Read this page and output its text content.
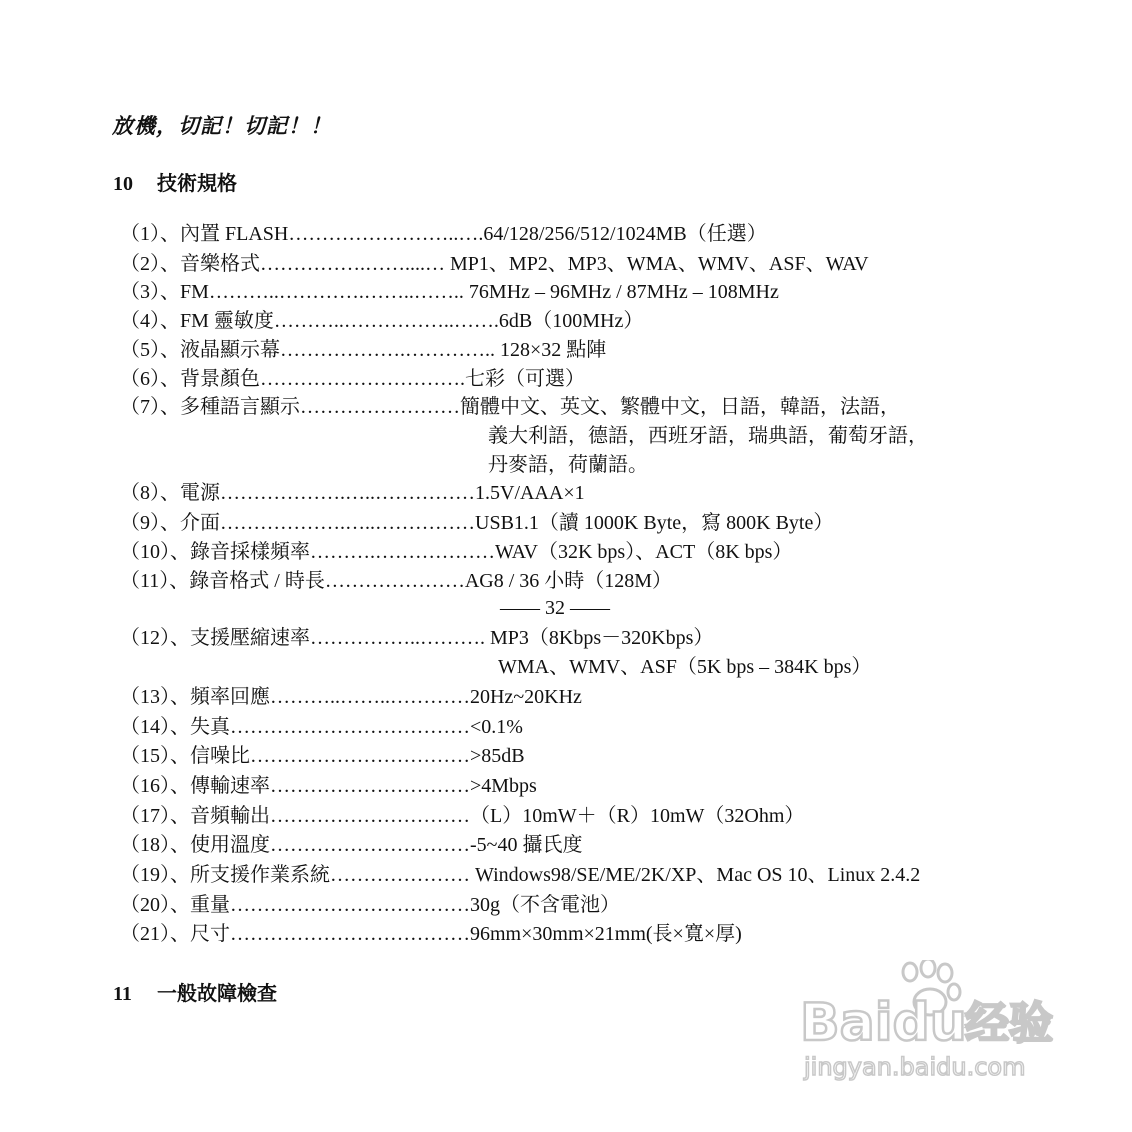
放機，切記！切記！！
10 技術規格
（1）、內置 FLASH……………………..….64/128/256/512/1024MB（任選）
（2）、音樂格式…………….……....… MP1、MP2、MP3、WMA、WMV、ASF、WAV
（3）、FM………..………….……..…….. 76MHz – 96MHz / 87MHz – 108MHz
（4）、FM 靈敏度………..……………..…….6dB（100MHz）
（5）、液晶顯示幕……………….………….. 128×32 點陣
（6）、背景顏色………………………….七彩（可選）
（7）、多種語言顯示……………………簡體中文、英文、繁體中文，日語，韓語，法語，
義大利語，德語，西班牙語，瑞典語，葡萄牙語，
丹麥語，荷蘭語。
（8）、電源……………….…..……………1.5V/AAA×1
（9）、介面……………….…..……………USB1.1（讀 1000K Byte，寫 800K Byte）
（10）、錄音採樣頻率……….………………WAV（32K bps）、ACT（8K bps）
（11）、錄音格式 / 時長…………………AG8 / 36 小時（128M）
—— 32 ——
（12）、支援壓縮速率……………..………. MP3（8Kbps－320Kbps）
WMA、WMV、ASF（5K bps – 384K bps）
（13）、頻率回應………..……..…………20Hz~20KHz
（14）、失真………………………………<0.1%
（15）、信噪比……………………………>85dB
（16）、傳輸速率…………………………>4Mbps
（17）、音頻輸出…………………………（L）10mW＋（R）10mW（32Ohm）
（18）、使用溫度…………………………-5~40 攝氏度
（19）、所支援作業系統………………… Windows98/SE/ME/2K/XP、Mac OS 10、Linux 2.4.2
（20）、重量………………………………30g（不含電池）
（21）、尺寸………………………………96mm×30mm×21mm(長×寬×厚)
11 一般故障檢查	Baidu
经验
jingyan.baidu.com
